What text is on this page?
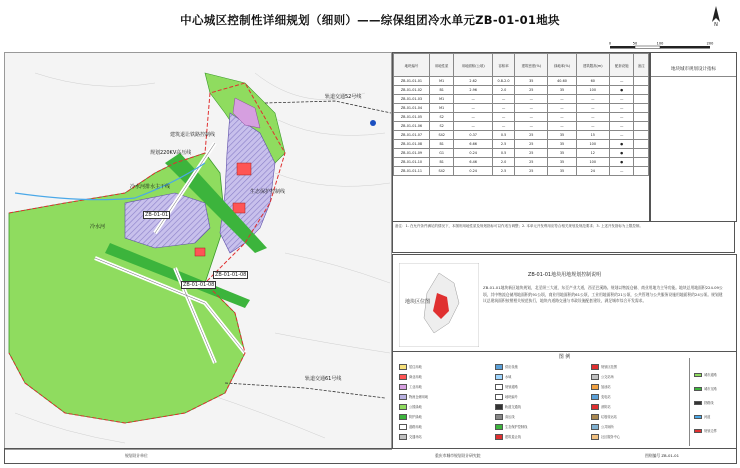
中心城区控制性详细规划（细则）——综保组团冷水单元ZB-01-01地块	N
0	50	100	200
轨道交通52号线
建筑退让铁路控制线
规划220KV高压线
冷水河排水主干线
生态保护控制线
轨道交通61号线
冷水河
ZB-01-01
ZB-01-01-08
ZB-01-01-08
地块编号	用地性质	用地面积(公顷)	容积率	建筑密度(%)	绿地率(%)	建筑限高(m)	配套设施	备注
ZB-01-01-01	M1	2.62	0.8-2.0	35	40-60	60	—	
ZB-01-01-02	B1	2.96	2.0	25	35	100	●	
ZB-01-01-03	M1	—	—	—	—	—	—	
ZB-01-01-04	M1	—	—	—	—	—	—	
ZB-01-01-05	S2	—	—	—	—	—	—	
ZB-01-01-06	S2	—	—	—	—	—	—	
ZB-01-01-07	S42	0.37	0.5	25	35	15	—	
ZB-01-01-08	B1	6.66	2.5	25	35	100	●	
ZB-01-01-09	G1	0.24	0.5	25	35	12	●	
ZB-01-01-10	B1	6.46	2.0	25	35	100	●	
ZB-01-01-11	S42	0.24	2.5	25	35	24	—	
地块城市规划设计指标
备注：1. 在允许条件满足的情况下，本图则用地性质及规划指标可以作适当调整；2. 本单元开发利用应符合相关规划及规范要求；3. 上述开发指标为上限控制。
ZB-01-01地块用地规划控制说明
地块区位图
ZB-01-01地块新区地块规划，北至纵三大道，东至产业大道，西至巴溪路。规划以物流仓储、商业用地为主导功能。地块总用地面积224.09公顷，其中物流仓储用地面积约91公顷，商业用地面积约61公顷，工业用地面积约21公顷，公共管理与公共服务设施用地面积约24公顷。规划建议总建筑面积按照相关规范执行，地块内道路交通与市政设施配套建设，满足城市综合开发需求。
图 例
居住用地
商业用地
工业用地
物流仓储用地
公园绿地
防护绿地
道路用地
交通场站
供应设施
水域
规划道路
地块编号
轨道交通线
高压线
生态保护控制线
建筑退让线
规划区范围
公交站场
加油站
变电站
消防站
垃圾转运站
公共厕所
社区服务中心
城市道路
城市支路
铁路线
河道
规划边界
规划设计单位	重庆市城市规划设计研究院	图则编号 ZB-01-01
